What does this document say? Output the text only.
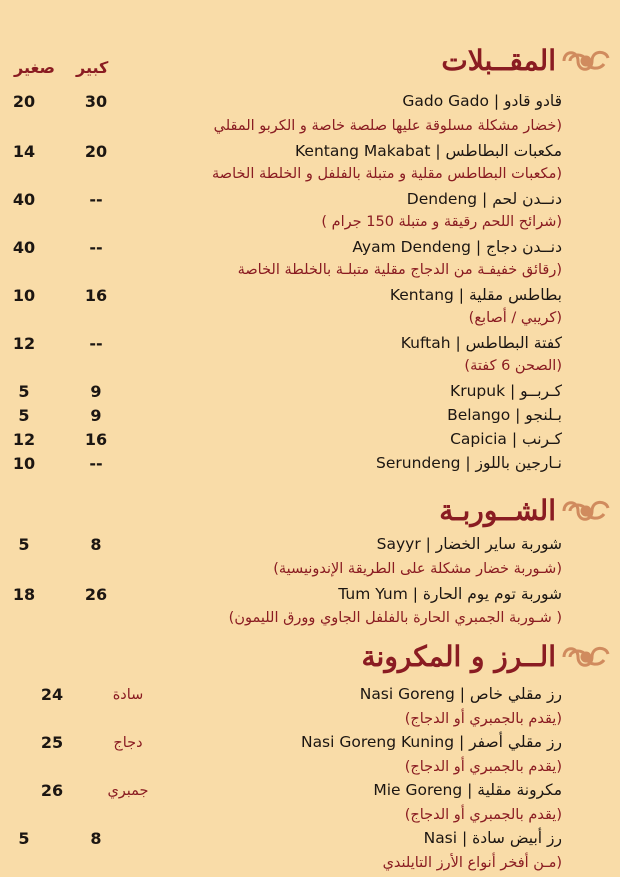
كبير
صغير	المقــبلات
قادو قادو | Gado Gado
(خضار مشكلة مسلوقة عليها صلصة خاصة و الكربو المقلي
30
20
مكعبات البطاطس | Kentang Makabat
(مكعبات البطاطس مقلية و متبلة بالفلفل و الخلطة الخاصة
20
14
دنــدن لحم | Dendeng
(شرائح اللحم رقيقة و متبلة 150 جرام )
--
40
دنــدن دجاج | Ayam Dendeng
(رقائق خفيفـة من الدجاج مقلية متبلـة بالخلطة الخاصة
--
40
بطاطس مقلية | Kentang
(كريبي / أصابع)
16
10
كفتة البطاطس | Kuftah
(الصحن 6 كفتة)
--
12
كـربــو | Krupuk
9
5
بـلنجو | Belango
9
5
كـرنب | Capicia
16
12
نـارجين باللوز | Serundeng
--
10
الشــوربـة
شوربة ساير الخضار | Sayyr
(شـوربة خضار مشكلة على الطريقة الإندونيسية)
8
5
شوربة توم يوم الحارة | Tum Yum
( شـوربة الجمبري الحارة بالفلفل الجاوي وورق الليمون)
26
18
الــرز و المكرونة
رز مقلي خاص | Nasi Goreng
(يقدم بالجمبري أو الدجاج)
سادة
24
رز مقلي أصفر | Nasi Goreng Kuning
(يقدم بالجمبري أو الدجاج)
دجاج
25
مكرونة مقلية | Mie Goreng
(يقدم بالجمبري أو الدجاج)
جمبري
26
رز أبيض سادة | Nasi
(مـن أفخر أنواع الأرز التايلندي
8
5
